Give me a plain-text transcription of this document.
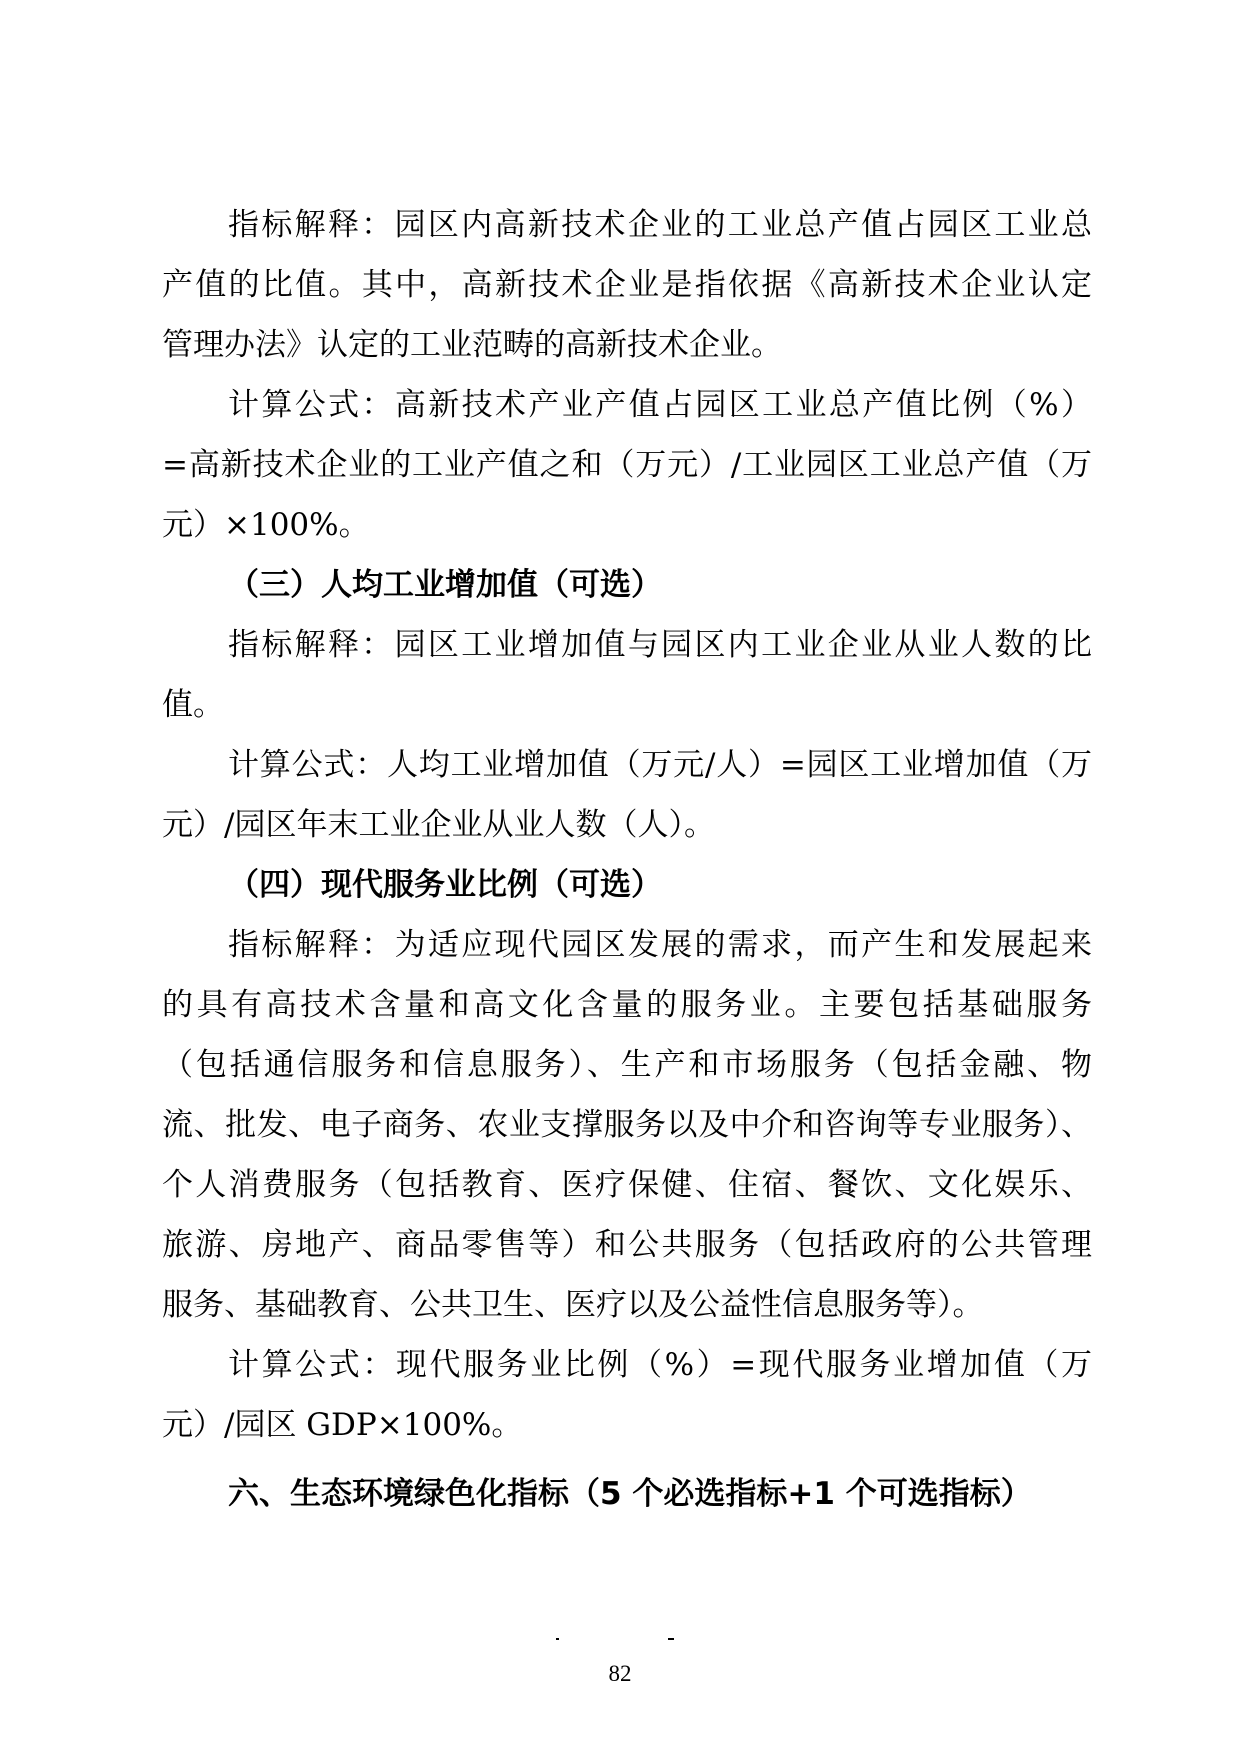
指标解释：园区内高新技术企业的工业总产值占园区工业总
产值的比值。其中，高新技术企业是指依据《高新技术企业认定
管理办法》认定的工业范畴的高新技术企业。
计算公式：高新技术产业产值占园区工业总产值比例（%）
=高新技术企业的工业产值之和（万元）/工业园区工业总产值（万
元）×100%。
（三）人均工业增加值（可选）
指标解释：园区工业增加值与园区内工业企业从业人数的比
值。
计算公式：人均工业增加值（万元/人）=园区工业增加值（万
元）/园区年末工业企业从业人数（人）。
（四）现代服务业比例（可选）
指标解释：为适应现代园区发展的需求，而产生和发展起来
的具有高技术含量和高文化含量的服务业。主要包括基础服务
（包括通信服务和信息服务）、生产和市场服务（包括金融、物
流、批发、电子商务、农业支撑服务以及中介和咨询等专业服务）、
个人消费服务（包括教育、医疗保健、住宿、餐饮、文化娱乐、
旅游、房地产、商品零售等）和公共服务（包括政府的公共管理
服务、基础教育、公共卫生、医疗以及公益性信息服务等）。
计算公式：现代服务业比例（%）=现代服务业增加值（万
元）/园区 GDP×100%。
六、生态环境绿色化指标（5 个必选指标+1 个可选指标）
82
